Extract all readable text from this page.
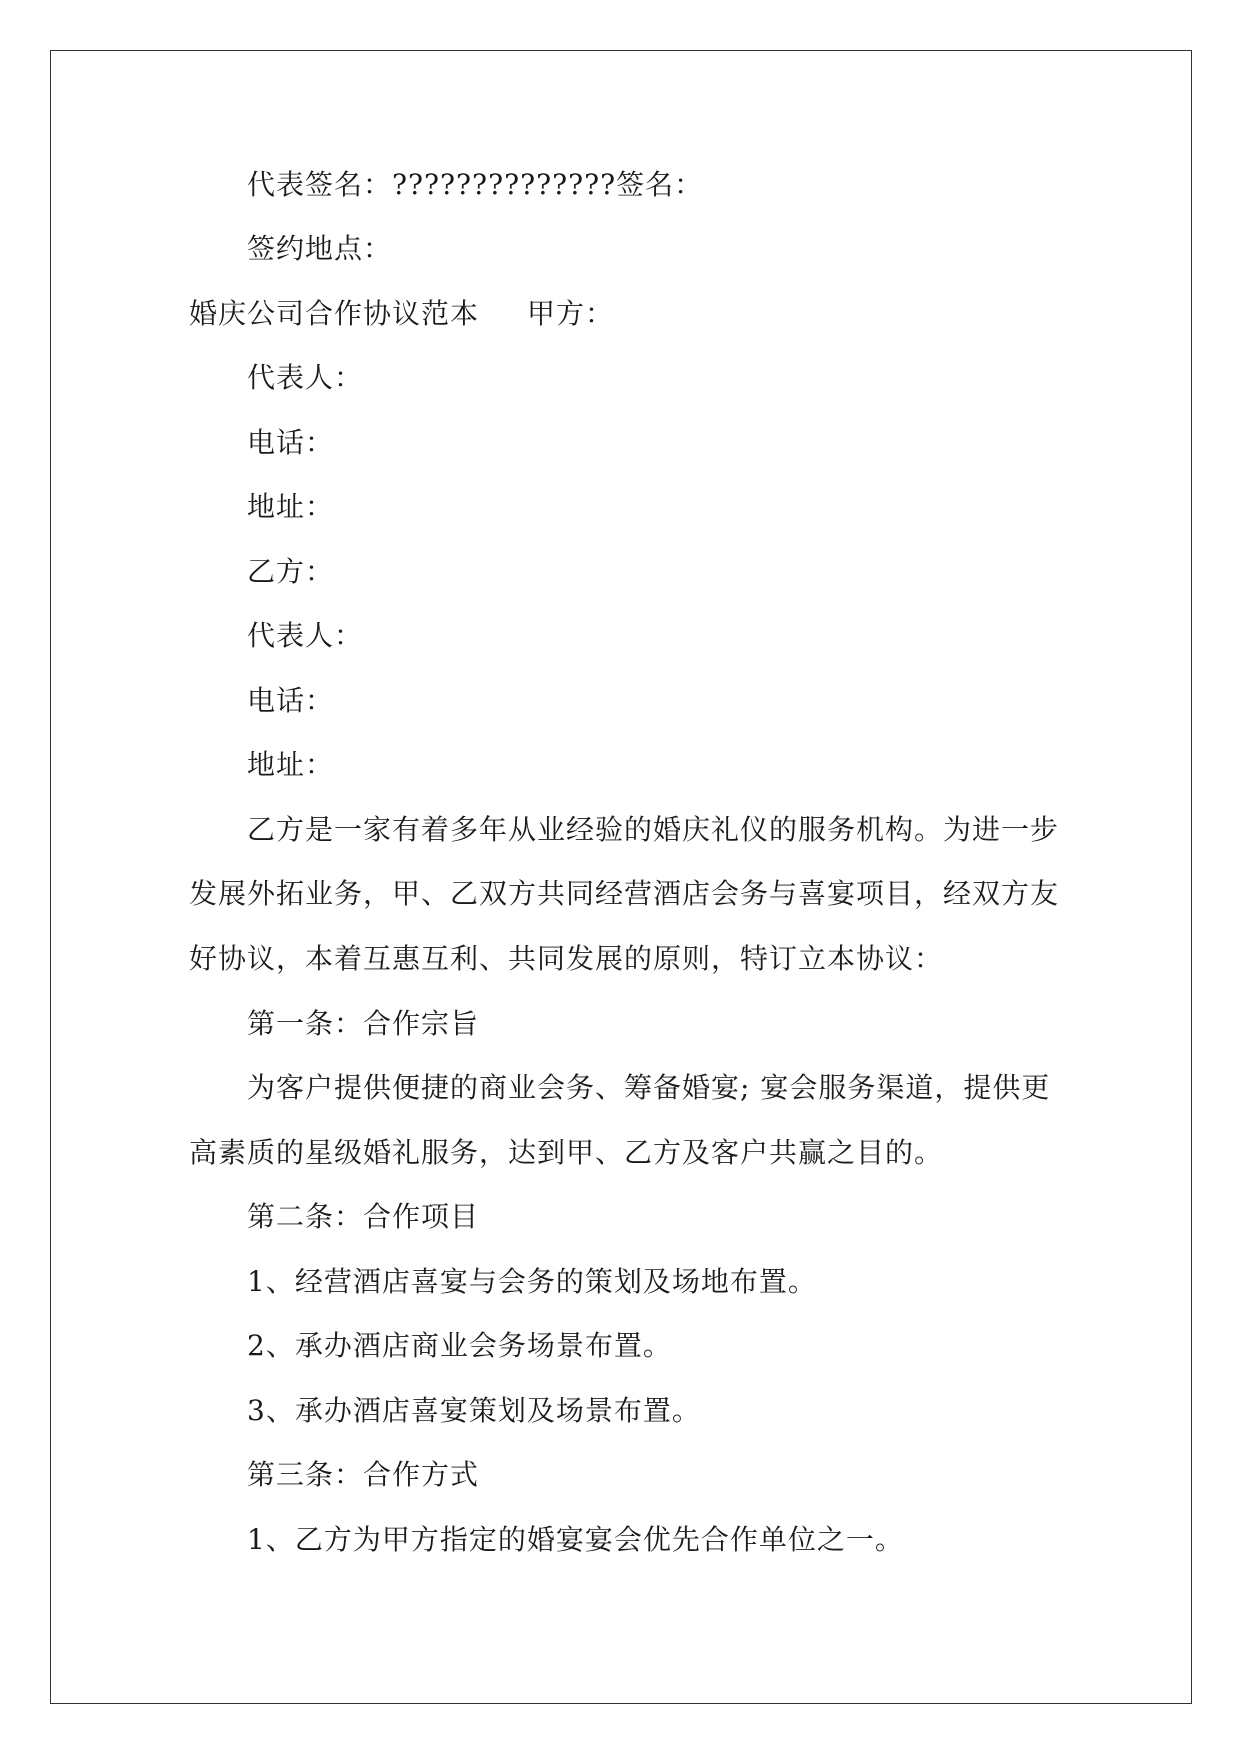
代表签名：??????????????签名：
签约地点：
婚庆公司合作协议范本 甲方：
代表人：
电话：
地址：
乙方：
代表人：
电话：
地址：
乙方是一家有着多年从业经验的婚庆礼仪的服务机构。为进一步
发展外拓业务，甲、乙双方共同经营酒店会务与喜宴项目，经双方友
好协议，本着互惠互利、共同发展的原则，特订立本协议：
第一条：合作宗旨
为客户提供便捷的商业会务、筹备婚宴; 宴会服务渠道，提供更
高素质的星级婚礼服务，达到甲、乙方及客户共赢之目的。
第二条：合作项目
1、经营酒店喜宴与会务的策划及场地布置。
2、承办酒店商业会务场景布置。
3、承办酒店喜宴策划及场景布置。
第三条：合作方式
1、乙方为甲方指定的婚宴宴会优先合作单位之一。
